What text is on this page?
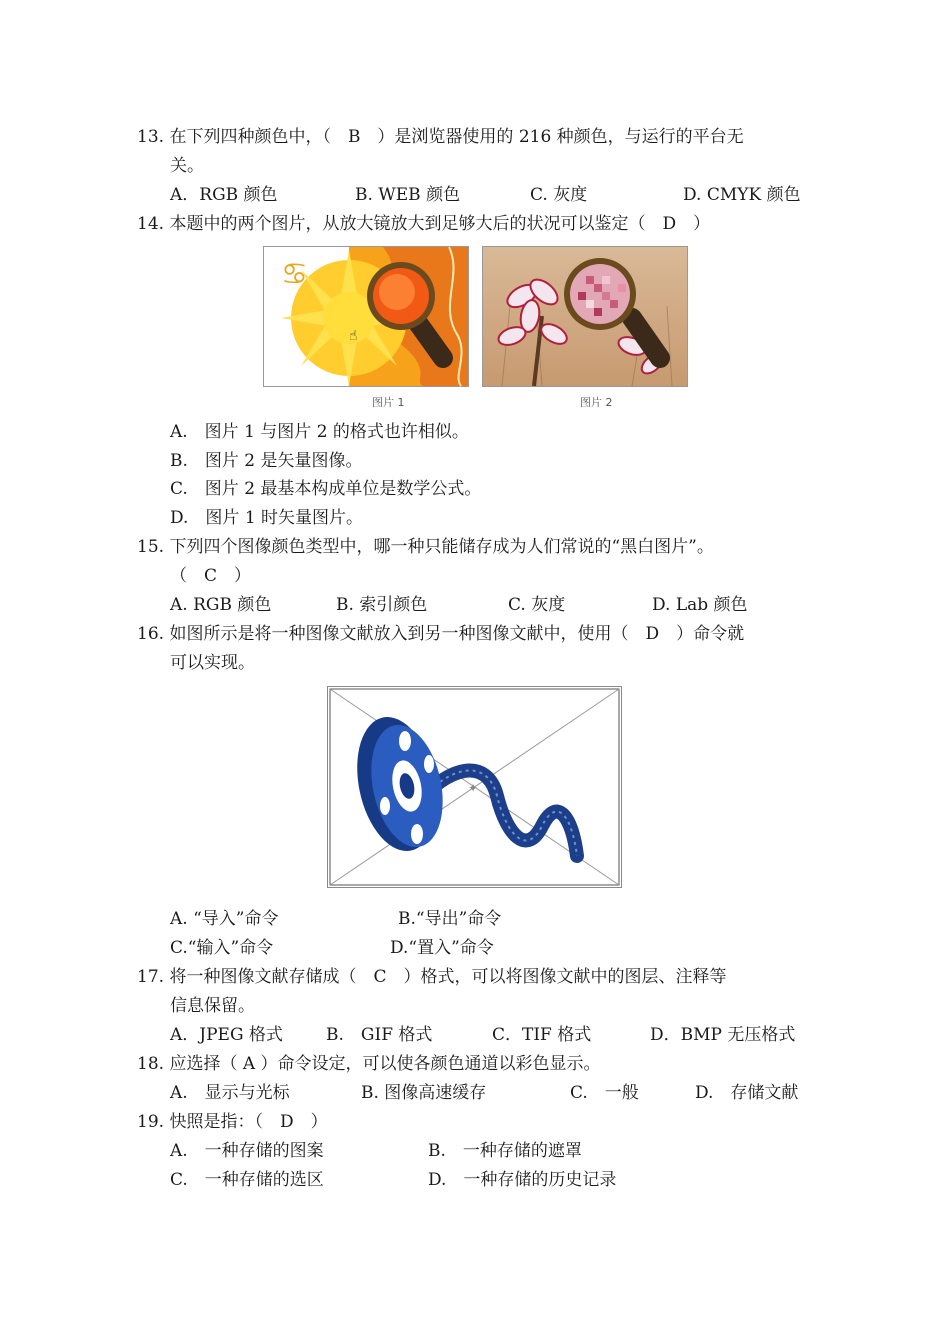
13. 在下列四种颜色中，（　B　）是浏览器使用的 216 种颜色，与运行的平台无
关。
A．RGB 颜色	B. WEB 颜色	C. 灰度	D. CMYK 颜色
14. 本题中的两个图片，从放大镜放大到足够大后的状况可以鉴定（　D　）
♋
☝
图片 1	图片 2
A.　图片 1 与图片 2 的格式也许相似。
B.　图片 2 是矢量图像。
C.　图片 2 最基本构成单位是数学公式。
D.　图片 1 时矢量图片。
15. 下列四个图像颜色类型中，哪一种只能储存成为人们常说的“黑白图片”。
（　C　）
A. RGB 颜色	B. 索引颜色	C. 灰度	D. Lab 颜色
16. 如图所示是将一种图像文献放入到另一种图像文献中，使用（　D　）命令就
可以实现。
✦
A. “导入”命令	B.“导出”命令
C.“输入”命令	D.“置入”命令
17. 将一种图像文献存储成（　C　）格式，可以将图像文献中的图层、注释等
信息保留。
A．JPEG 格式	B.　GIF 格式	C．TIF 格式	D．BMP 无压格式
18. 应选择（ A ）命令设定，可以使各颜色通道以彩色显示。
A.　显示与光标	B. 图像高速缓存	C.　一般	D.　存储文献
19. 快照是指：（　D　）
A.　一种存储的图案	B.　一种存储的遮罩
C.　一种存储的选区	D.　一种存储的历史记录
